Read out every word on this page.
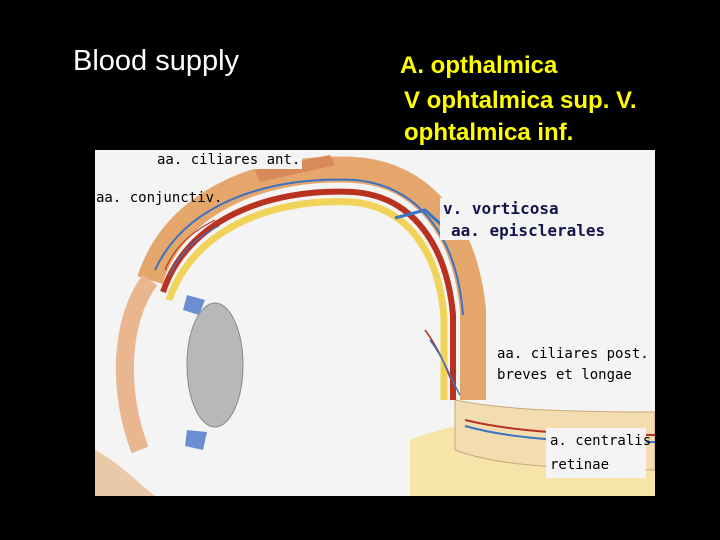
Blood supply	A. opthalmica
V ophtalmica sup. V.
ophtalmica inf.
v. vorticosa
aa. episclerales
aa. ciliares post.
breves et longae
a. centralis
retinae
aa. ciliares ant.
aa. conjunctiv.
